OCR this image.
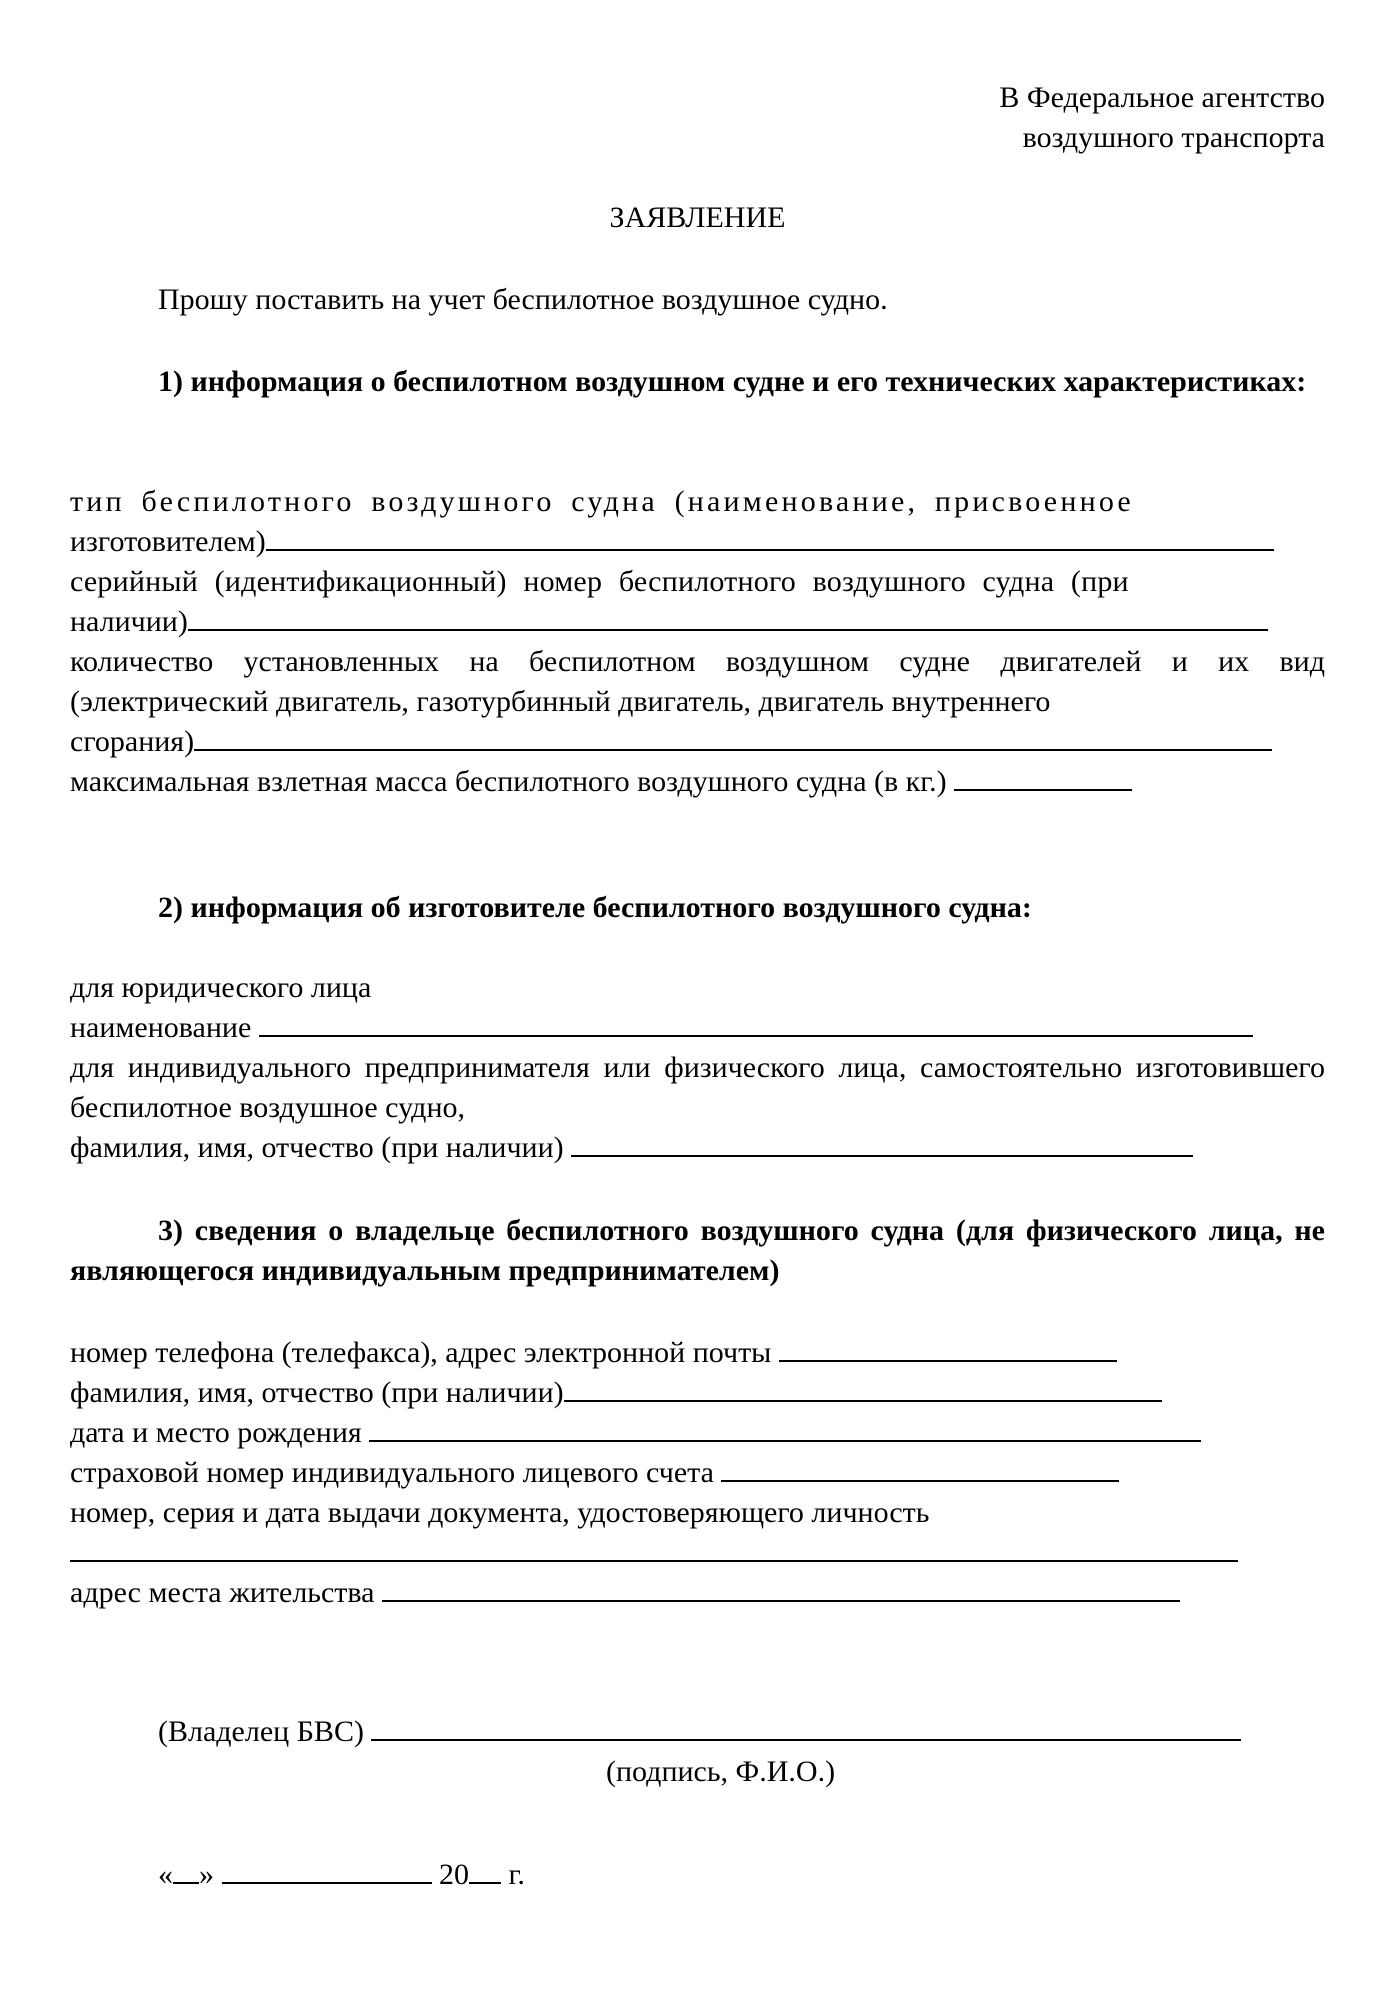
В Федеральное агентство
воздушного транспорта
ЗАЯВЛЕНИЕ
Прошу поставить на учет беспилотное воздушное судно.
1) информация о беспилотном воздушном судне и его технических характеристиках:
тип беспилотного воздушного судна (наименование, присвоенное
изготовителем)
серийный (идентификационный) номер беспилотного воздушного судна (при
наличии)
количество установленных на беспилотном воздушном судне двигателей и их вид (электрический двигатель, газотурбинный двигатель, двигатель внутреннего
сгорания)
максимальная взлетная масса беспилотного воздушного судна (в кг.)
2) информация об изготовителе беспилотного воздушного судна:
для юридического лица
наименование
для индивидуального предпринимателя или физического лица, самостоятельно изготовившего беспилотное воздушное судно,
фамилия, имя, отчество (при наличии)
3) сведения о владельце беспилотного воздушного судна (для физического лица, не являющегося индивидуальным предпринимателем)
номер телефона (телефакса), адрес электронной почты
фамилия, имя, отчество (при наличии)
дата и место рождения
страховой номер индивидуального лицевого счета
номер, серия и дата выдачи документа, удостоверяющего личность
адрес места жительства
(Владелец БВС)
(подпись, Ф.И.О.)
« »	20 г.
